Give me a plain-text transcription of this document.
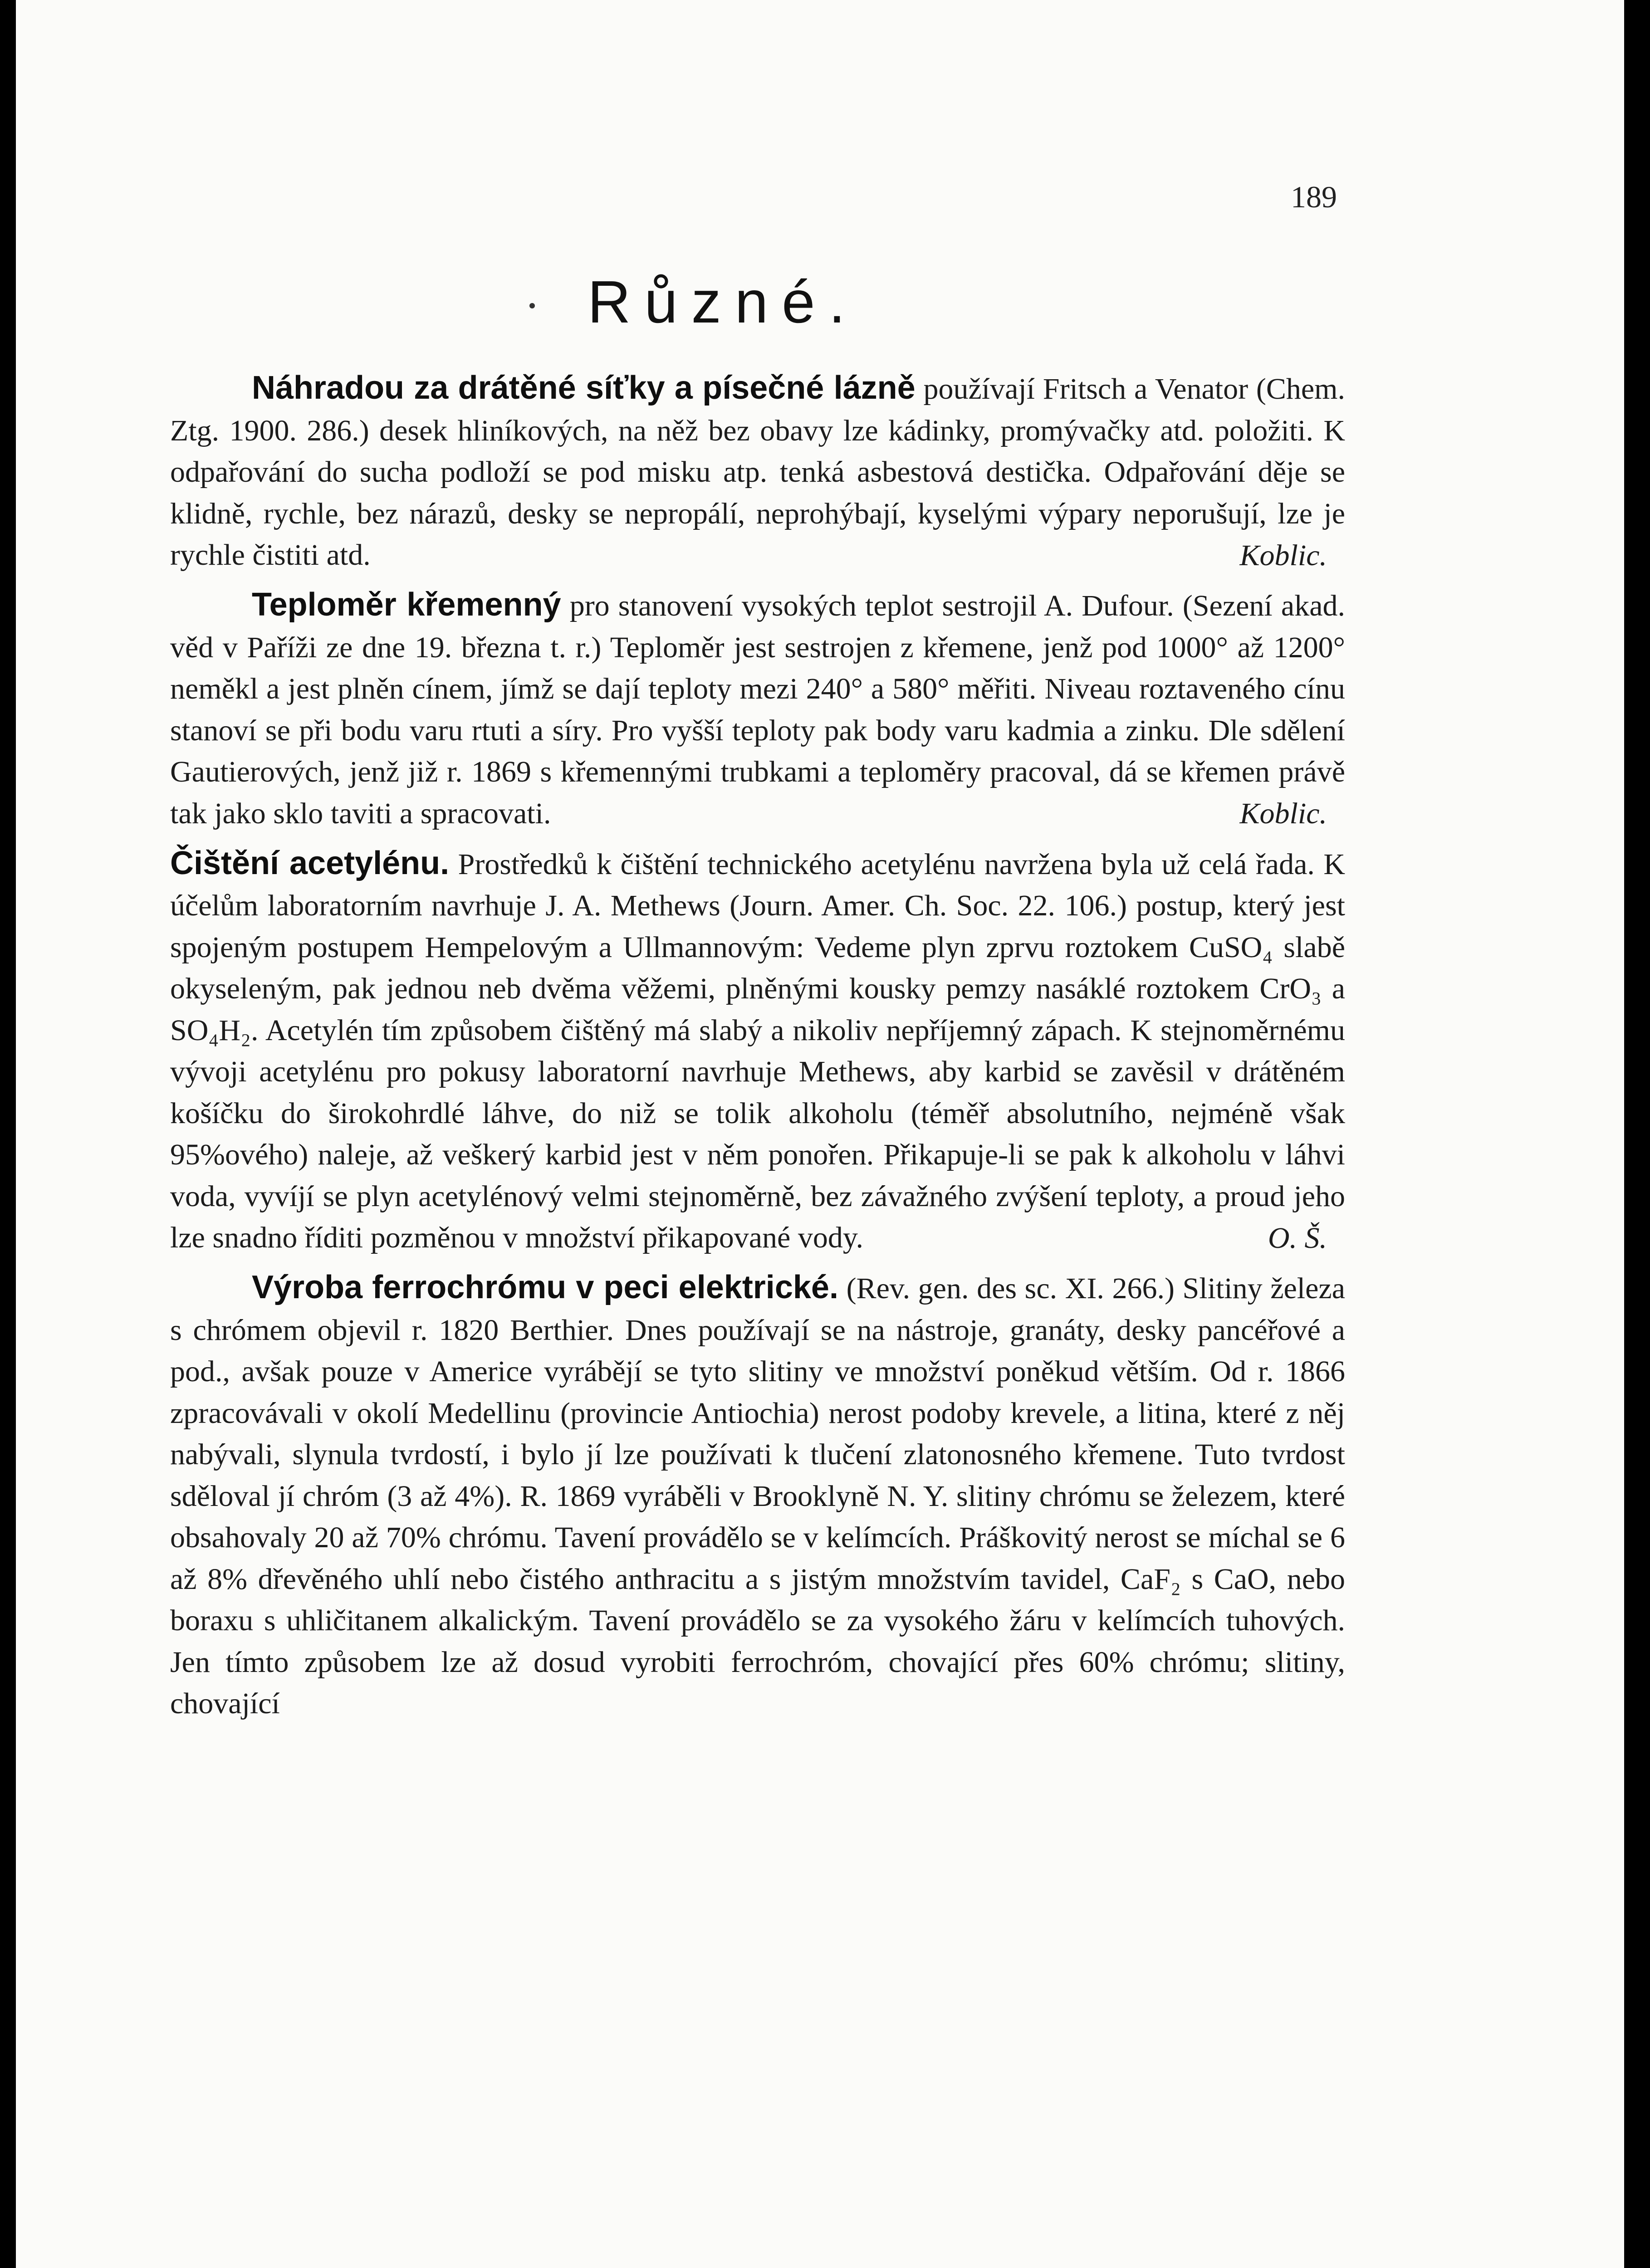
189
Různé.

Náhradou za drátěné síťky a písečné lázně používají Fritsch a Venator (Chem. Ztg. 1900. 286.) desek hliníkových, na něž bez obavy lze kádinky, promývačky atd. položiti. K odpařování do sucha podloží se pod misku atp. tenká asbestová destička. Odpařování děje se klidně, rychle, bez nárazů, desky se nepropálí, neprohýbají, kyselými výpary neporušují, lze je rychle čistiti atd.	Koblic.

Teploměr křemenný pro stanovení vysokých teplot sestrojil A. Dufour. (Sezení akad. věd v Paříži ze dne 19. března t. r.) Teploměr jest sestrojen z křemene, jenž pod 1000° až 1200° neměkl a jest plněn cínem, jímž se dají teploty mezi 240° a 580° měřiti. Niveau roztaveného cínu stanoví se při bodu varu rtuti a síry. Pro vyšší teploty pak body varu kadmia a zinku. Dle sdělení Gautierových, jenž již r. 1869 s křemennými trubkami a teploměry pracoval, dá se křemen právě tak jako sklo taviti a spracovati.	Koblic.

Čištění acetylénu. Prostředků k čištění technického acetylénu navržena byla už celá řada. K účelům laboratorním navrhuje J. A. Methews (Journ. Amer. Ch. Soc. 22. 106.) postup, který jest spojeným postupem Hempelovým a Ullmannovým: Vedeme plyn zprvu roztokem CuSO₄ slabě okyseleným, pak jednou neb dvěma věžemi, plněnými kousky pemzy nasáklé roztokem CrO₃ a SO₄H₂. Acetylén tím způsobem čištěný má slabý a nikoliv nepříjemný zápach. K stejnoměrnému vývoji acetylénu pro pokusy laboratorní navrhuje Methews, aby karbid se zavěsil v drátěném košíčku do širokohrdlé láhve, do niž se tolik alkoholu (téměř absolutního, nejméně však 95%ového) naleje, až veškerý karbid jest v něm ponořen. Přikapuje-li se pak k alkoholu v láhvi voda, vyvíjí se plyn acetylénový velmi stejnoměrně, bez závažného zvýšení teploty, a proud jeho lze snadno říditi pozměnou v množství přikapované vody.	O. Š.

Výroba ferrochrómu v peci elektrické. (Rev. gen. des sc. XI. 266.) Slitiny železa s chrómem objevil r. 1820 Berthier. Dnes používají se na nástroje, granáty, desky pancéřové a pod., avšak pouze v Americe vyrábějí se tyto slitiny ve množství poněkud větším. Od r. 1866 zpracovávali v okolí Medellinu (provincie Antiochia) nerost podoby krevele, a litina, které z něj nabývali, slynula tvrdostí, i bylo jí lze používati k tlučení zlatonosného křemene. Tuto tvrdost sděloval jí chróm (3 až 4%). R. 1869 vyráběli v Brooklyně N. Y. slitiny chrómu se železem, které obsahovaly 20 až 70% chrómu. Tavení provádělo se v kelímcích. Práškovitý nerost se míchal se 6 až 8% dřevěného uhlí nebo čistého anthracitu a s jistým množstvím tavidel, CaF₂ s CaO, nebo boraxu s uhličitanem alkalickým. Tavení provádělo se za vysokého žáru v kelímcích tuhových. Jen tímto způsobem lze až dosud vyrobiti ferrochróm, chovající přes 60% chrómu; slitiny, chovající
